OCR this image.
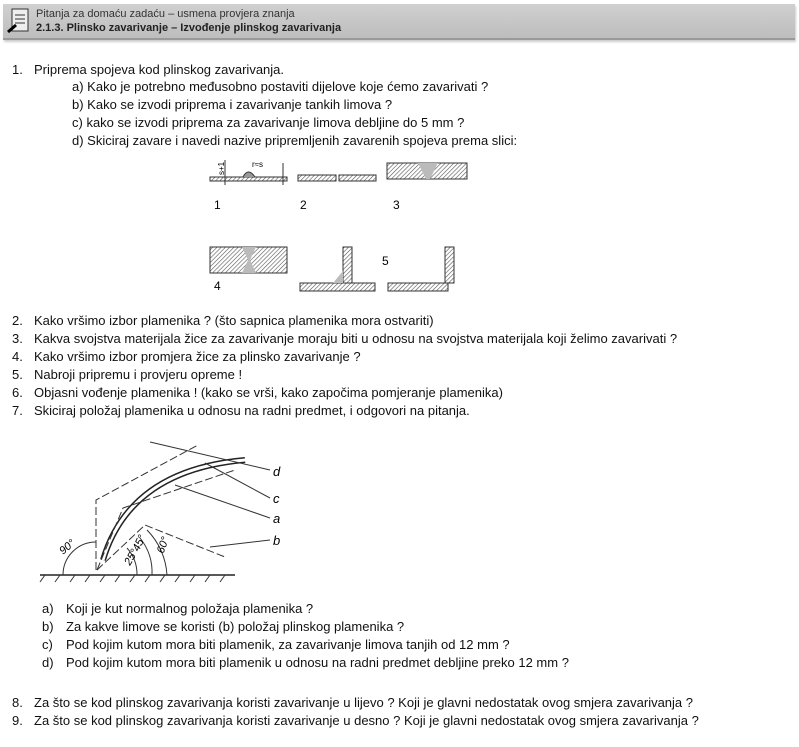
Pitanja za domaću zadaću – usmena provjera znanja
2.1.3. Plinsko zavarivanje – Izvođenje plinskog zavarivanja
1. Priprema spojeva kod plinskog zavarivanja.
a) Kako je potrebno međusobno postaviti dijelove koje ćemo zavarivati ?
b) Kako se izvodi priprema i zavarivanje tankih limova ?
c) kako se izvodi priprema za zavarivanje limova debljine do 5 mm ?
d) Skiciraj zavare i navedi nazive pripremljenih zavarenih spojeva prema slici:
s+1	r≈s
1	2	3
4
5
2. Kako vršimo izbor plamenika ? (što sapnica plamenika mora ostvariti)
3. Kakva svojstva materijala žice za zavarivanje moraju biti u odnosu na svojstva materijala koji želimo zavarivati ?
4. Kako vršimo izbor promjera žice za plinsko zavarivanje ?
5. Nabroji pripremu i provjeru opreme !
6. Objasni vođenje plamenika ! (kako se vrši, kako započima pomjeranje plamenika)
7. Skiciraj položaj plamenika u odnosu na radni predmet, i odgovori na pitanja.
d
c
a
b
90°	25°
45° 60°
a) Koji je kut normalnog položaja plamenika ?
b) Za kakve limove se koristi (b) položaj plinskog plamenika ?
c) Pod kojim kutom mora biti plamenik, za zavarivanje limova tanjih od 12 mm ?
d) Pod kojim kutom mora biti plamenik u odnosu na radni predmet debljine preko 12 mm ?
8. Za što se kod plinskog zavarivanja koristi zavarivanje u lijevo ? Koji je glavni nedostatak ovog smjera zavarivanja ?
9. Za što se kod plinskog zavarivanja koristi zavarivanje u desno ? Koji je glavni nedostatak ovog smjera zavarivanja ?
